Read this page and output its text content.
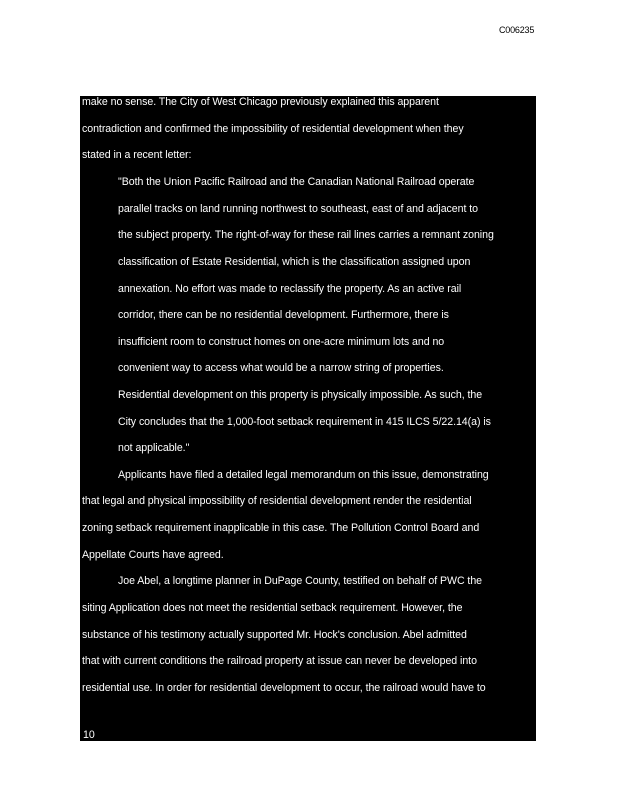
C006235
make no sense. The City of West Chicago previously explained this apparent
contradiction and confirmed the impossibility of residential development when they
stated in a recent letter:
"Both the Union Pacific Railroad and the Canadian National Railroad operate
parallel tracks on land running northwest to southeast, east of and adjacent to
the subject property. The right-of-way for these rail lines carries a remnant zoning
classification of Estate Residential, which is the classification assigned upon
annexation. No effort was made to reclassify the property. As an active rail
corridor, there can be no residential development. Furthermore, there is
insufficient room to construct homes on one-acre minimum lots and no
convenient way to access what would be a narrow string of properties.
Residential development on this property is physically impossible. As such, the
City concludes that the 1,000-foot setback requirement in 415 ILCS 5/22.14(a) is
not applicable."
Applicants have filed a detailed legal memorandum on this issue, demonstrating
that legal and physical impossibility of residential development render the residential
zoning setback requirement inapplicable in this case. The Pollution Control Board and
Appellate Courts have agreed.
Joe Abel, a longtime planner in DuPage County, testified on behalf of PWC the
siting Application does not meet the residential setback requirement. However, the
substance of his testimony actually supported Mr. Hock's conclusion. Abel admitted
that with current conditions the railroad property at issue can never be developed into
residential use. In order for residential development to occur, the railroad would have to
10
